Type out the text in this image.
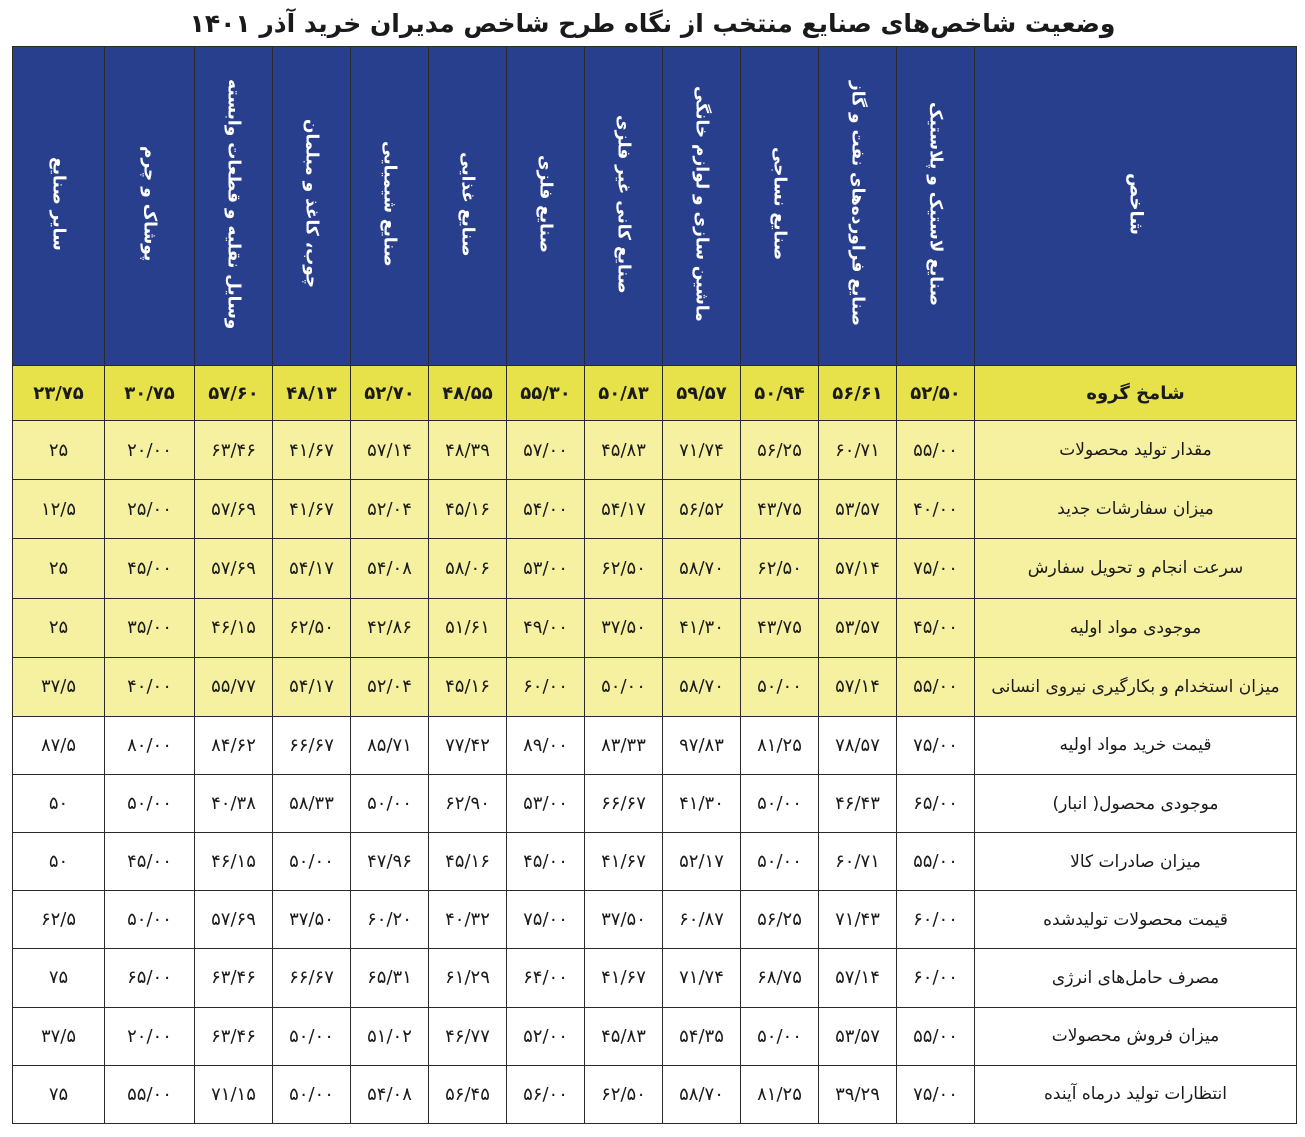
وضعیت شاخص‌های صنایع منتخب از نگاه طرح شاخص مدیران خرید آذر ۱۴۰۱
شاخص	صنایع لاستیک و پلاستیک	صنایع فراورده‌های نفت و گاز	صنایع نساجی	ماشین سازی و لوازم خانگی	صنایع کانی غیر فلزی	صنایع فلزی	صنایع غذایی	صنایع شیمیایی	چوب، کاغذ و مبلمان	وسایل نقلیه و قطعات وابسته	پوشاک و چرم	سایر صنایع
شامخ گروه	۵۲/۵۰	۵۶/۶۱	۵۰/۹۴	۵۹/۵۷	۵۰/۸۳	۵۵/۳۰	۴۸/۵۵	۵۲/۷۰	۴۸/۱۳	۵۷/۶۰	۳۰/۷۵	۲۳/۷۵
مقدار تولید محصولات	۵۵/۰۰	۶۰/۷۱	۵۶/۲۵	۷۱/۷۴	۴۵/۸۳	۵۷/۰۰	۴۸/۳۹	۵۷/۱۴	۴۱/۶۷	۶۳/۴۶	۲۰/۰۰	۲۵
میزان سفارشات جدید	۴۰/۰۰	۵۳/۵۷	۴۳/۷۵	۵۶/۵۲	۵۴/۱۷	۵۴/۰۰	۴۵/۱۶	۵۲/۰۴	۴۱/۶۷	۵۷/۶۹	۲۵/۰۰	۱۲/۵
سرعت انجام و تحویل سفارش	۷۵/۰۰	۵۷/۱۴	۶۲/۵۰	۵۸/۷۰	۶۲/۵۰	۵۳/۰۰	۵۸/۰۶	۵۴/۰۸	۵۴/۱۷	۵۷/۶۹	۴۵/۰۰	۲۵
موجودی مواد اولیه	۴۵/۰۰	۵۳/۵۷	۴۳/۷۵	۴۱/۳۰	۳۷/۵۰	۴۹/۰۰	۵۱/۶۱	۴۲/۸۶	۶۲/۵۰	۴۶/۱۵	۳۵/۰۰	۲۵
میزان استخدام و بکارگیری نیروی انسانی	۵۵/۰۰	۵۷/۱۴	۵۰/۰۰	۵۸/۷۰	۵۰/۰۰	۶۰/۰۰	۴۵/۱۶	۵۲/۰۴	۵۴/۱۷	۵۵/۷۷	۴۰/۰۰	۳۷/۵
قیمت خرید مواد اولیه	۷۵/۰۰	۷۸/۵۷	۸۱/۲۵	۹۷/۸۳	۸۳/۳۳	۸۹/۰۰	۷۷/۴۲	۸۵/۷۱	۶۶/۶۷	۸۴/۶۲	۸۰/۰۰	۸۷/۵
موجودی محصول( انبار)	۶۵/۰۰	۴۶/۴۳	۵۰/۰۰	۴۱/۳۰	۶۶/۶۷	۵۳/۰۰	۶۲/۹۰	۵۰/۰۰	۵۸/۳۳	۴۰/۳۸	۵۰/۰۰	۵۰
میزان صادرات کالا	۵۵/۰۰	۶۰/۷۱	۵۰/۰۰	۵۲/۱۷	۴۱/۶۷	۴۵/۰۰	۴۵/۱۶	۴۷/۹۶	۵۰/۰۰	۴۶/۱۵	۴۵/۰۰	۵۰
قیمت محصولات تولیدشده	۶۰/۰۰	۷۱/۴۳	۵۶/۲۵	۶۰/۸۷	۳۷/۵۰	۷۵/۰۰	۴۰/۳۲	۶۰/۲۰	۳۷/۵۰	۵۷/۶۹	۵۰/۰۰	۶۲/۵
مصرف حامل‌های انرژی	۶۰/۰۰	۵۷/۱۴	۶۸/۷۵	۷۱/۷۴	۴۱/۶۷	۶۴/۰۰	۶۱/۲۹	۶۵/۳۱	۶۶/۶۷	۶۳/۴۶	۶۵/۰۰	۷۵
میزان فروش محصولات	۵۵/۰۰	۵۳/۵۷	۵۰/۰۰	۵۴/۳۵	۴۵/۸۳	۵۲/۰۰	۴۶/۷۷	۵۱/۰۲	۵۰/۰۰	۶۳/۴۶	۲۰/۰۰	۳۷/۵
انتظارات تولید درماه آینده	۷۵/۰۰	۳۹/۲۹	۸۱/۲۵	۵۸/۷۰	۶۲/۵۰	۵۶/۰۰	۵۶/۴۵	۵۴/۰۸	۵۰/۰۰	۷۱/۱۵	۵۵/۰۰	۷۵
